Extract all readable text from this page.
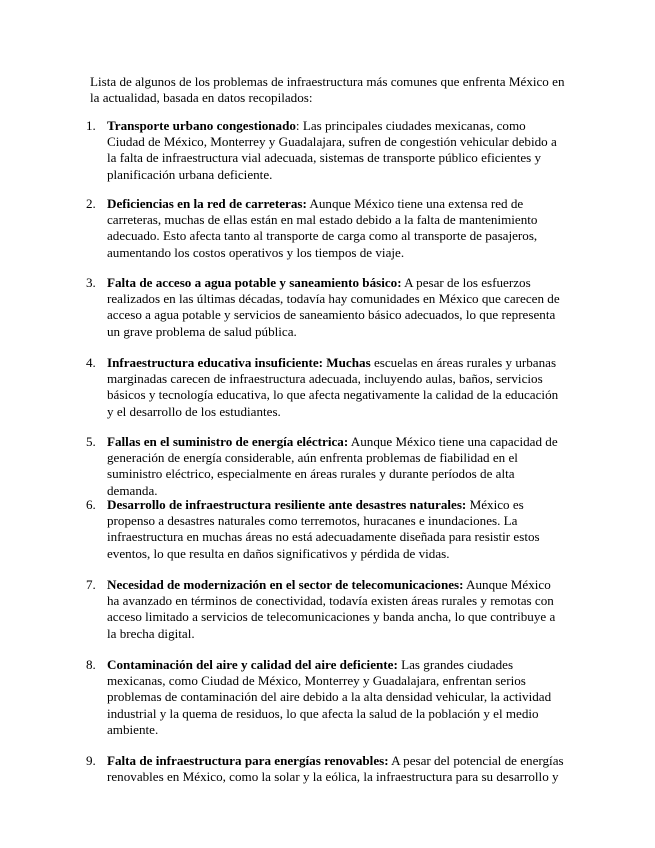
Lista de algunos de los problemas de infraestructura más comunes que enfrenta México en la actualidad, basada en datos recopilados:

1. Transporte urbano congestionado: Las principales ciudades mexicanas, como Ciudad de México, Monterrey y Guadalajara, sufren de congestión vehicular debido a la falta de infraestructura vial adecuada, sistemas de transporte público eficientes y planificación urbana deficiente.

2. Deficiencias en la red de carreteras: Aunque México tiene una extensa red de carreteras, muchas de ellas están en mal estado debido a la falta de mantenimiento adecuado. Esto afecta tanto al transporte de carga como al transporte de pasajeros, aumentando los costos operativos y los tiempos de viaje.

3. Falta de acceso a agua potable y saneamiento básico: A pesar de los esfuerzos realizados en las últimas décadas, todavía hay comunidades en México que carecen de acceso a agua potable y servicios de saneamiento básico adecuados, lo que representa un grave problema de salud pública.

4. Infraestructura educativa insuficiente: Muchas escuelas en áreas rurales y urbanas marginadas carecen de infraestructura adecuada, incluyendo aulas, baños, servicios básicos y tecnología educativa, lo que afecta negativamente la calidad de la educación y el desarrollo de los estudiantes.

5. Fallas en el suministro de energía eléctrica: Aunque México tiene una capacidad de generación de energía considerable, aún enfrenta problemas de fiabilidad en el suministro eléctrico, especialmente en áreas rurales y durante períodos de alta demanda.

6. Desarrollo de infraestructura resiliente ante desastres naturales: México es propenso a desastres naturales como terremotos, huracanes e inundaciones. La infraestructura en muchas áreas no está adecuadamente diseñada para resistir estos eventos, lo que resulta en daños significativos y pérdida de vidas.

7. Necesidad de modernización en el sector de telecomunicaciones: Aunque México ha avanzado en términos de conectividad, todavía existen áreas rurales y remotas con acceso limitado a servicios de telecomunicaciones y banda ancha, lo que contribuye a la brecha digital.

8. Contaminación del aire y calidad del aire deficiente: Las grandes ciudades mexicanas, como Ciudad de México, Monterrey y Guadalajara, enfrentan serios problemas de contaminación del aire debido a la alta densidad vehicular, la actividad industrial y la quema de residuos, lo que afecta la salud de la población y el medio ambiente.

9. Falta de infraestructura para energías renovables: A pesar del potencial de energías renovables en México, como la solar y la eólica, la infraestructura para su desarrollo y
